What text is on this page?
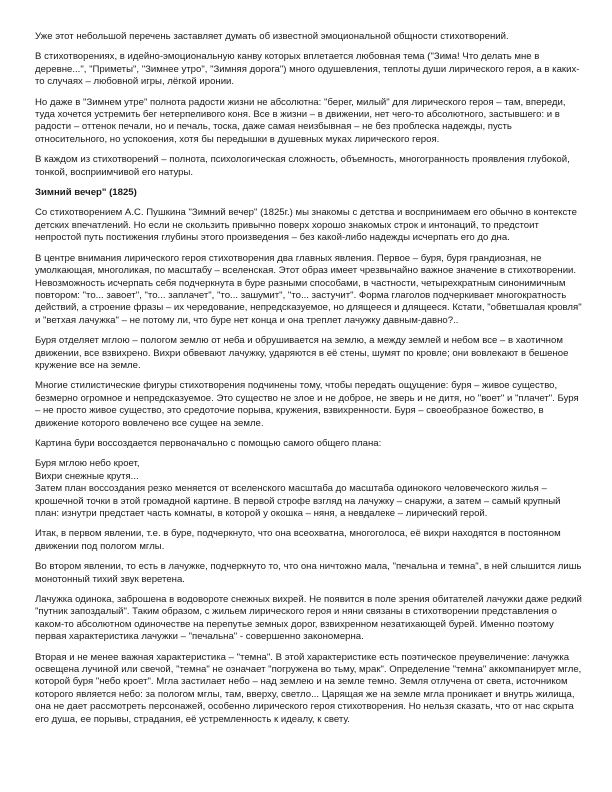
Уже этот небольшой перечень заставляет думать об известной эмоциональной общности стихотворений.

В стихотворениях, в идейно-эмоциональную канву которых вплетается любовная тема ("Зима! Что делать мне в деревне...", "Приметы", "Зимнее утро", "Зимняя дорога") много одушевления, теплоты души лирического героя, а в каких-то случаях – любовной игры, лёгкой иронии.

Но даже в "Зимнем утре" полнота радости жизни не абсолютна: "берег, милый" для лирического героя – там, впереди, туда хочется устремить бег нетерпеливого коня. Все в жизни – в движении, нет чего-то абсолютного, застывшего: и в радости – оттенок печали, но и печаль, тоска, даже самая неизбывная – не без проблеска надежды, пусть относительного, но успокоения, хотя бы передышки в душевных муках лирического героя.

В каждом из стихотворений – полнота, психологическая сложность, объемность, многогранность проявления глубокой, тонкой, восприимчивой его натуры.

Зимний вечер" (1825)

Со стихотворением А.С. Пушкина "Зимний вечер" (1825г.) мы знакомы с детства и воспринимаем его обычно в контексте детских впечатлений. Но если не скользить привычно поверх хорошо знакомых строк и интонаций, то предстоит непростой путь постижения глубины этого произведения – без какой-либо надежды исчерпать его до дна.

В центре внимания лирического героя стихотворения два главных явления. Первое – буря, буря грандиозная, не умолкающая, многоликая, по масштабу – вселенская. Этот образ имеет чрезвычайно важное значение в стихотворении. Невозможность исчерпать себя подчеркнута в буре разными способами, в частности, четырехкратным синонимичным повтором: "то... завоет", "то... заплачет", "то... зашумит", "то... застучит". Форма глаголов подчеркивает многократность действий, а строение фразы – их чередование, непредсказуемое, но длящееся и длящееся. Кстати, "обветшалая кровля" и "ветхая лачужка" – не потому ли, что буре нет конца и она треплет лачужку давным-давно?..

Буря отделяет мглою – пологом землю от неба и обрушивается на землю, а между землей и небом все – в хаотичном движении, все взвихрено. Вихри обвевают лачужку, ударяются в её стены, шумят по кровле; они вовлекают в бешеное кружение все на земле.

Многие стилистические фигуры стихотворения подчинены тому, чтобы передать ощущение: буря – живое существо, безмерно огромное и непредсказуемое. Это существо не злое и не доброе, не зверь и не дитя, но "воет" и "плачет". Буря – не просто живое существо, это средоточие порыва, кружения, взвихренности. Буря – своеобразное божество, в движение которого вовлечено все сущее на земле.

Картина бури воссоздается первоначально с помощью самого общего плана:

Буря мглою небо кроет,
Вихри снежные крутя...

Затем план воссоздания резко меняется от вселенского масштаба до масштаба одинокого человеческого жилья – крошечной точки в этой громадной картине. В первой строфе взгляд на лачужку – снаружи, а затем – самый крупный план: изнутри предстает часть комнаты, в которой у окошка – няня, а невдалеке – лирический герой.

Итак, в первом явлении, т.е. в буре, подчеркнуто, что она всеохватна, многоголоса, её вихри находятся в постоянном движении под пологом мглы.

Во втором явлении, то есть в лачужке, подчеркнуто то, что она ничтожно мала, "печальна и темна", в ней слышится лишь монотонный тихий звук веретена.

Лачужка одинока, заброшена в водовороте снежных вихрей. Не появится в поле зрения обитателей лачужки даже редкий "путник запоздалый". Таким образом, с жильем лирического героя и няни связаны в стихотворении представления о каком-то абсолютном одиночестве на перепутье земных дорог, взвихренном незатихающей бурей. Именно поэтому первая характеристика лачужки – "печальна" - совершенно закономерна.

Вторая и не менее важная характеристика – "темна". В этой характеристике есть поэтическое преувеличение: лачужка освещена лучиной или свечой, "темна" не означает "погружена во тьму, мрак". Определение "темна" аккомпанирует мгле, которой буря "небо кроет". Мгла застилает небо – над землею и на земле темно. Земля отлучена от света, источником которого является небо: за пологом мглы, там, вверху, светло... Царящая же на земле мгла проникает и внутрь жилища, она не дает рассмотреть персонажей, особенно лирического героя стихотворения. Но нельзя сказать, что от нас скрыта его душа, ее порывы, страдания, её устремленность к идеалу, к свету.
